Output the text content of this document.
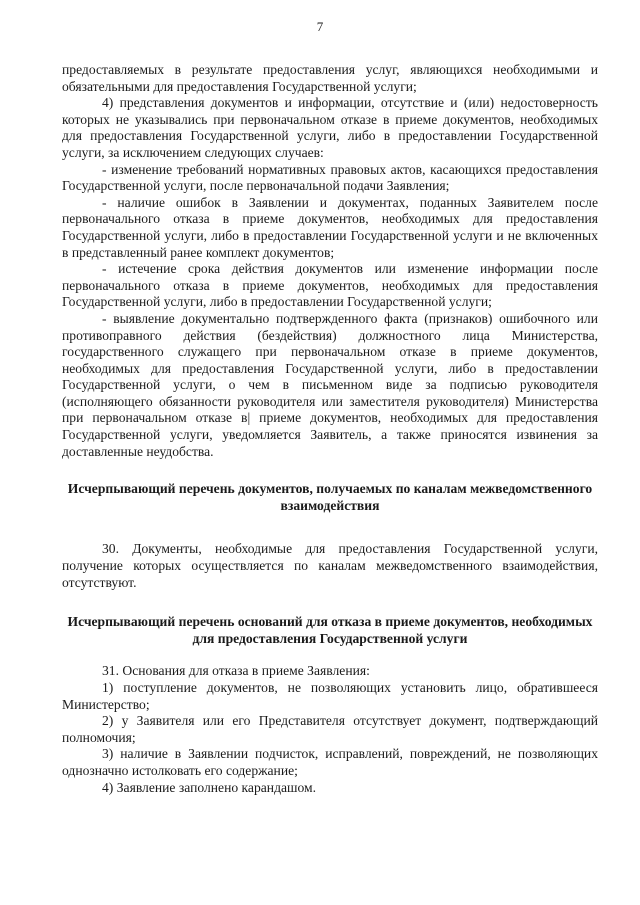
7

предоставляемых в результате предоставления услуг, являющихся необходимыми и обязательными для предоставления Государственной услуги;

4) представления документов и информации, отсутствие и (или) недостоверность которых не указывались при первоначальном отказе в приеме документов, необходимых для предоставления Государственной услуги, либо в предоставлении Государственной услуги, за исключением следующих случаев:

- изменение требований нормативных правовых актов, касающихся предоставления Государственной услуги, после первоначальной подачи Заявления;

- наличие ошибок в Заявлении и документах, поданных Заявителем после первоначального отказа в приеме документов, необходимых для предоставления Государственной услуги, либо в предоставлении Государственной услуги и не включенных в представленный ранее комплект документов;

- истечение срока действия документов или изменение информации после первоначального отказа в приеме документов, необходимых для предоставления Государственной услуги, либо в предоставлении Государственной услуги;

- выявление документально подтвержденного факта (признаков) ошибочного или противоправного действия (бездействия) должностного лица Министерства, государственного служащего при первоначальном отказе в приеме документов, необходимых для предоставления Государственной услуги, либо в предоставлении Государственной услуги, о чем в письменном виде за подписью руководителя (исполняющего обязанности руководителя или заместителя руководителя) Министерства при первоначальном отказе в| приеме документов, необходимых для предоставления Государственной услуги, уведомляется Заявитель, а также приносятся извинения за доставленные неудобства.

Исчерпывающий перечень документов, получаемых по каналам межведомственного взаимодействия

30. Документы, необходимые для предоставления Государственной услуги, получение которых осуществляется по каналам межведомственного взаимодействия, отсутствуют.

Исчерпывающий перечень оснований для отказа в приеме документов, необходимых для предоставления Государственной услуги

31. Основания для отказа в приеме Заявления:

1) поступление документов, не позволяющих установить лицо, обратившееся Министерство;

2) у Заявителя или его Представителя отсутствует документ, подтверждающий полномочия;

3) наличие в Заявлении подчисток, исправлений, повреждений, не позволяющих однозначно истолковать его содержание;

4) Заявление заполнено карандашом.
